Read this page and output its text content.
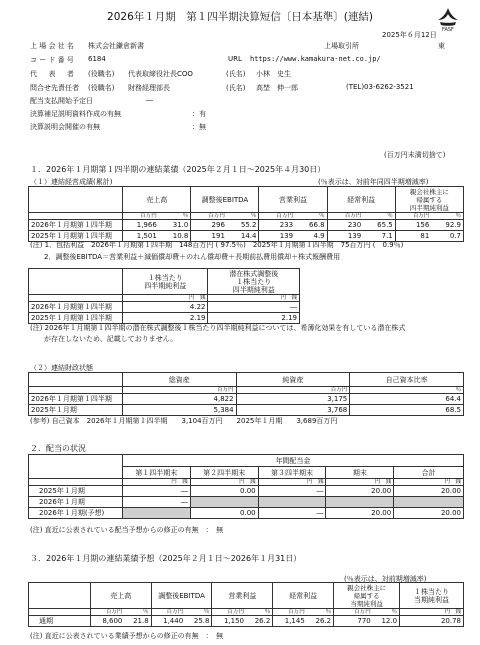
FASF
2026年１月期　第１四半期決算短信〔日本基準〕(連結)
2025年６月12日
上 場 会 社 名 株式会社鎌倉新書	上場取引所	東
コ ー ド 番 号 6184	URL https://www.kamakura-net.co.jp/
代 　 表 　 者 (役職名) 代表取締役社長COO	(氏名) 小林　史生
問合せ先責任者 (役職名) 財務経理部長	(氏名) 高埜　伸一郎	(TEL)03-6262-3521
配当支払開始予定日	―
決算補足説明資料作成の有無	：有
決算説明会開催の有無	：無
(百万円未満切捨て)
１．2026年１月期第１四半期の連結業績（2025年２月１日～2025年４月30日）
（１）連結経営成績(累計)	(％表示は、対前年同四半期増減率)
	売上高		調整後EBITDA		営業利益		経常利益		親会社株主に
帰属する
四半期純利益	
	百万円	％	百万円	％	百万円	％	百万円	％	百万円	％
2026年１月期第１四半期	1,966	31.0	296	55.2	233	66.8	230	65.5	156	92.9
2025年１月期第１四半期	1,501	10.8	191	14.4	139	4.9	139	7.1	81	0.7
(注) 1．包括利益　2026年１月期第１四半期　148百万円 ( 97.5％)　2025年１月期第１四半期　75百万円 (　0.9％)
2．調整後EBITDA＝営業利益＋減価償却費＋のれん償却費＋長期前払費用償却＋株式報酬費用
	１株当たり
四半期純利益	潜在株式調整後
１株当たり
四半期純利益
	円　銭	円　銭
2026年１月期第１四半期	4.22	―
2025年１月期第１四半期	2.19	2.19
(注) 2026年１月期第１四半期の潜在株式調整後１株当たり四半期純利益については、希薄化効果を有している潜在株式
が存在しないため、記載しておりません。
（２）連結財政状態
	総資産	純資産	自己資本比率
	百万円	百万円	％
2026年１月期第１四半期	4,822	3,175	64.4
2025年１月期	5,384	3,768	68.5
(参考) 自己資本　2026年１月期第１四半期　　3,104百万円　　2025年１月期　　3,689百万円
２．配当の状況
	年間配当金				
	第１四半期末	第２四半期末	第３四半期末	期末	合計
	円　銭	円　銭	円　銭	円　銭	円　銭
2025年１月期	―	0.00	―	20.00	20.00
2026年１月期	―				
2026年１月期(予想)		0.00	―	20.00	20.00
(注) 直近に公表されている配当予想からの修正の有無　：　無
３．2026年１月期の連結業績予想（2025年２月１日～2026年１月31日）
(％表示は、対前期増減率)
	売上高		調整後EBITDA		営業利益		経常利益		親会社株主に
帰属する
当期純利益		１株当たり
当期純利益
	百万円	％	百万円	％	百万円	％	百万円	％	百万円	％	円　銭
通期	8,600	21.8	1,440	25.8	1,150	26.2	1,145	26.2	770	12.0	20.78
(注) 直近に公表されている業績予想からの修正の有無　：　無
